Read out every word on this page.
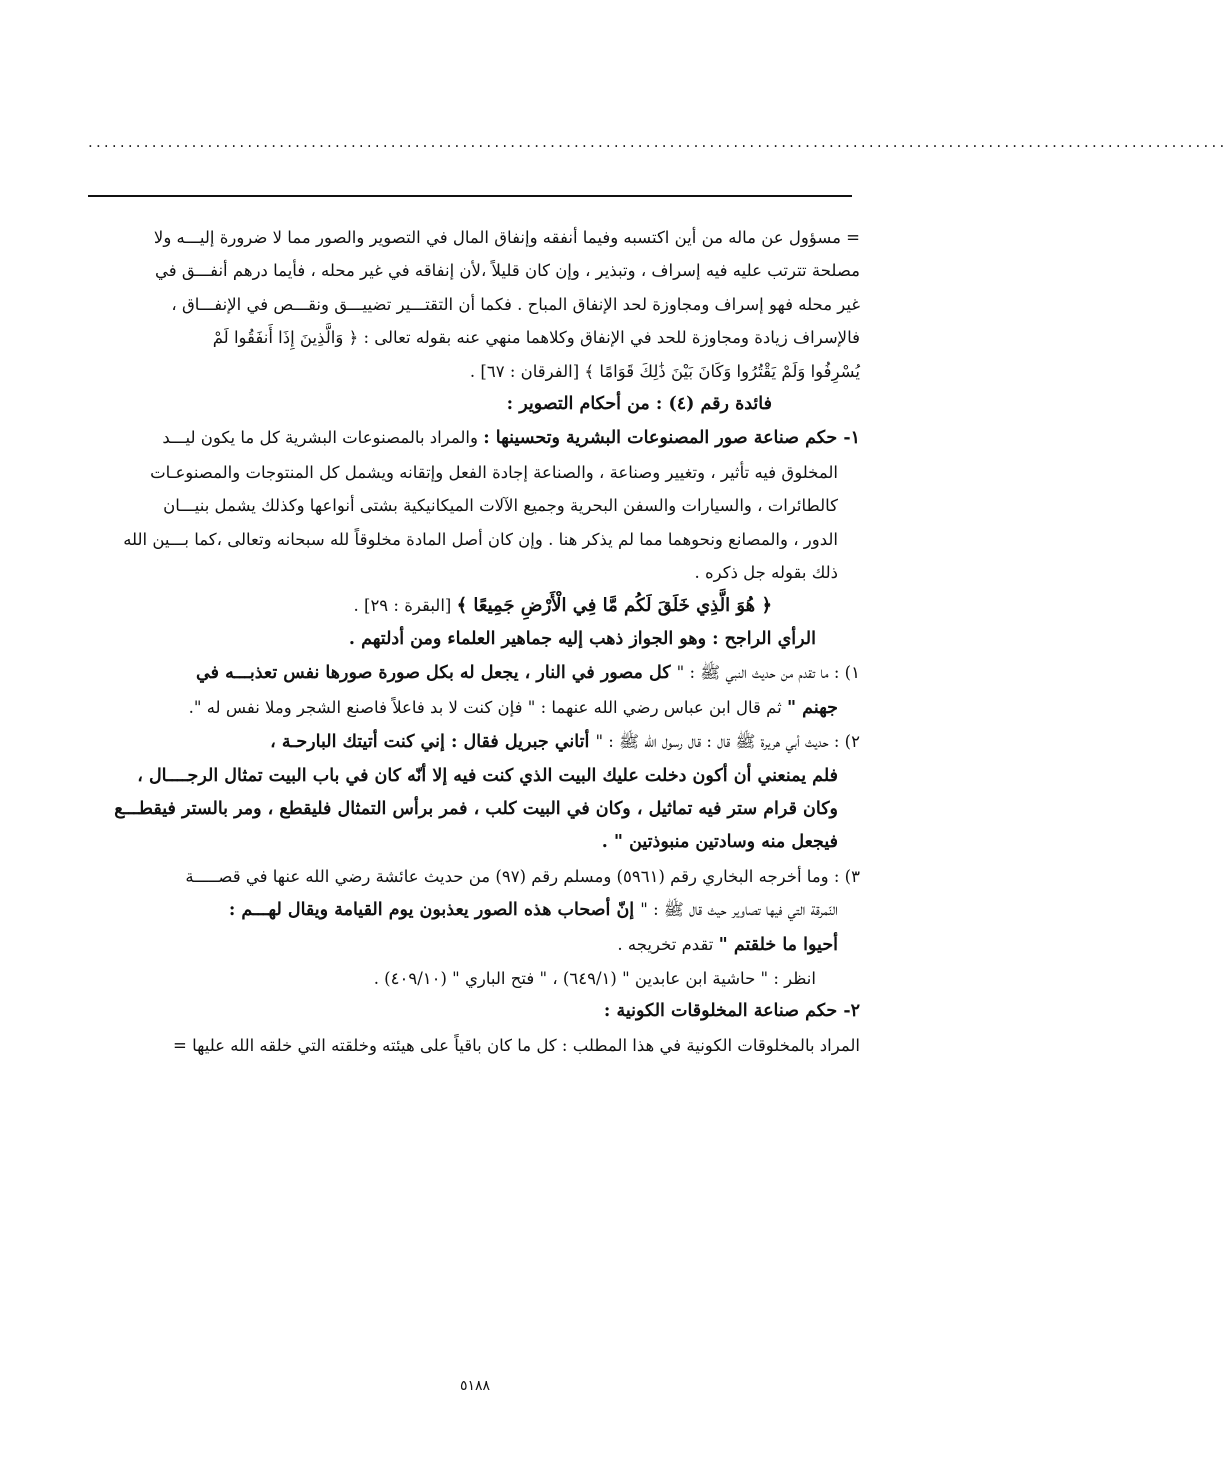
...............................................................................................................................................
= مسؤول عن ماله من أين اكتسبه وفيما أنفقه وإنفاق المال في التصوير والصور مما لا ضرورة إليـــه ولا
مصلحة تترتب عليه فيه إسراف ، وتبذير ، وإن كان قليلاً ،لأن إنفاقه في غير محله ، فأيما درهم أنفـــق في
غير محله فهو إسراف ومجاوزة لحد الإنفاق المباح . فكما أن التقتـــير تضييـــق ونقـــص في الإنفـــاق ،
فالإسراف زيادة ومجاوزة للحد في الإنفاق وكلاهما منهي عنه بقوله تعالى : ﴿ وَالَّذِينَ إِذَا أَنفَقُوا لَمْ
يُسْرِفُوا وَلَمْ يَقْتُرُوا وَكَانَ بَيْنَ ذَٰلِكَ قَوَامًا ﴾ [الفرقان : ٦٧] .
فائدة رقم (٤) : من أحكام التصوير :
١- حكم صناعة صور المصنوعات البشرية وتحسينها : والمراد بالمصنوعات البشرية كل ما يكون ليـــد
المخلوق فيه تأثير ، وتغيير وصناعة ، والصناعة إجادة الفعل وإتقانه ويشمل كل المنتوجات والمصنوعـات
كالطائرات ، والسيارات والسفن البحرية وجميع الآلات الميكانيكية بشتى أنواعها وكذلك يشمل بنيـــان
الدور ، والمصانع ونحوهما مما لم يذكر هنا . وإن كان أصل المادة مخلوقاً لله سبحانه وتعالى ،كما بـــين الله
ذلك بقوله جل ذكره .
﴿ هُوَ الَّذِي خَلَقَ لَكُم مَّا فِي الْأَرْضِ جَمِيعًا ﴾ [البقرة : ٢٩] .
الرأي الراجح : وهو الجواز ذهب إليه جماهير العلماء ومن أدلتهم .
١) : ما تقدم من حديث النبي ﷺ : " كل مصور في النار ، يجعل له بكل صورة صورها نفس تعذبـــه في
جهنم " ثم قال ابن عباس رضي الله عنهما : " فإن كنت لا بد فاعلاً فاصنع الشجر وملا نفس له ".
٢) : حديث أبي هريرة ﷺ قال : قال رسول الله ﷺ : " أتاني جبريل فقال : إني كنت أتيتك البارحـة ،
فلم يمنعني أن أكون دخلت عليك البيت الذي كنت فيه إلا أنّه كان في باب البيت تمثال الرجــــال ،
وكان قرام ستر فيه تماثيل ، وكان في البيت كلب ، فمر برأس التمثال فليقطع ، ومر بالستر فيقطـــع
فيجعل منه وسادتين منبوذتين " .
٣) : وما أخرجه البخاري رقم (٥٩٦١) ومسلم رقم (٩٧) من حديث عائشة رضي الله عنها في قصـــــة
النّمرقة التي فيها تصاوير حيث قال ﷺ : " إنّ أصحاب هذه الصور يعذبون يوم القيامة ويقال لهـــم :
أحيوا ما خلقتم " تقدم تخريجه .
انظر : " حاشية ابن عابدين " (٦٤٩/١) ، " فتح الباري " (٤٠٩/١٠) .
٢- حكم صناعة المخلوقات الكونية :
المراد بالمخلوقات الكونية في هذا المطلب : كل ما كان باقياً على هيئته وخلقته التي خلقه الله عليها =
٥١٨٨
